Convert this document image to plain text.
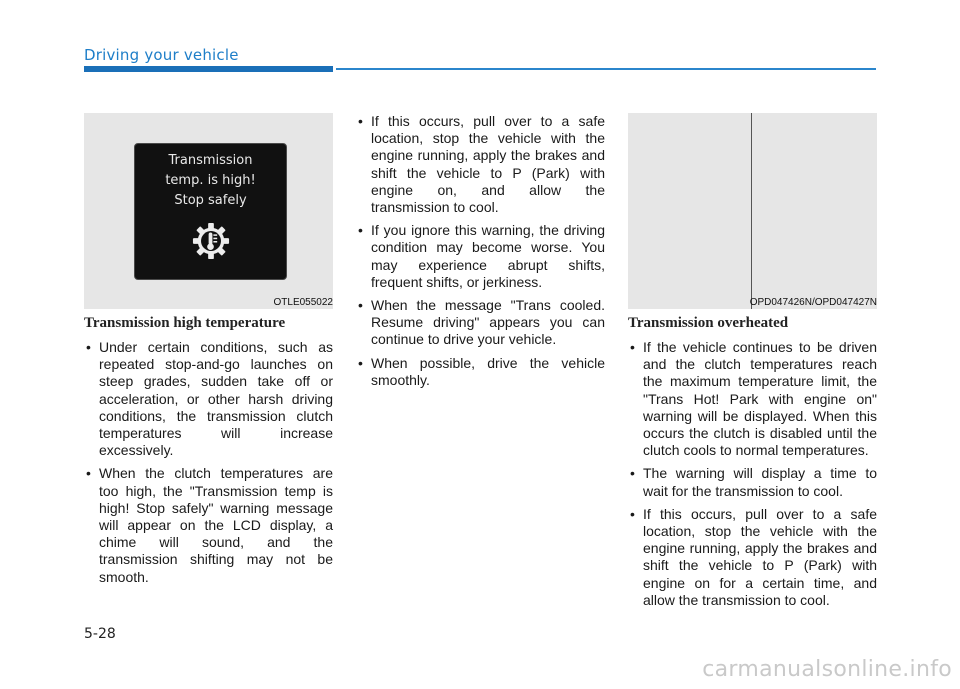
Driving your vehicle
Transmission
temp. is high!
Stop safely
OTLE055022	OPD047426N/OPD047427N
Transmission high temperature
• Under certain conditions, such as repeated stop-and-go launches on steep grades, sudden take off or acceleration, or other harsh driving conditions, the transmission clutch temperatures will increase excessively.
• When the clutch temperatures are too high, the "Transmission temp is high! Stop safely" warning message will appear on the LCD display, a chime will sound, and the transmission shifting may not be smooth.
• If this occurs, pull over to a safe location, stop the vehicle with the engine running, apply the brakes and shift the vehicle to P (Park) with engine on, and allow the transmission to cool.
• If you ignore this warning, the driving condition may become worse. You may experience abrupt shifts, frequent shifts, or jerkiness.
• When the message "Trans cooled. Resume driving" appears you can continue to drive your vehicle.
• When possible, drive the vehicle smoothly.
Transmission overheated
• If the vehicle continues to be driven and the clutch temperatures reach the maximum temperature limit, the "Trans Hot! Park with engine on" warning will be displayed. When this occurs the clutch is disabled until the clutch cools to normal temperatures.
• The warning will display a time to wait for the transmission to cool.
• If this occurs, pull over to a safe location, stop the vehicle with the engine running, apply the brakes and shift the vehicle to P (Park) with engine on for a certain time, and allow the transmission to cool.
5-28
carmanualsonline.info
